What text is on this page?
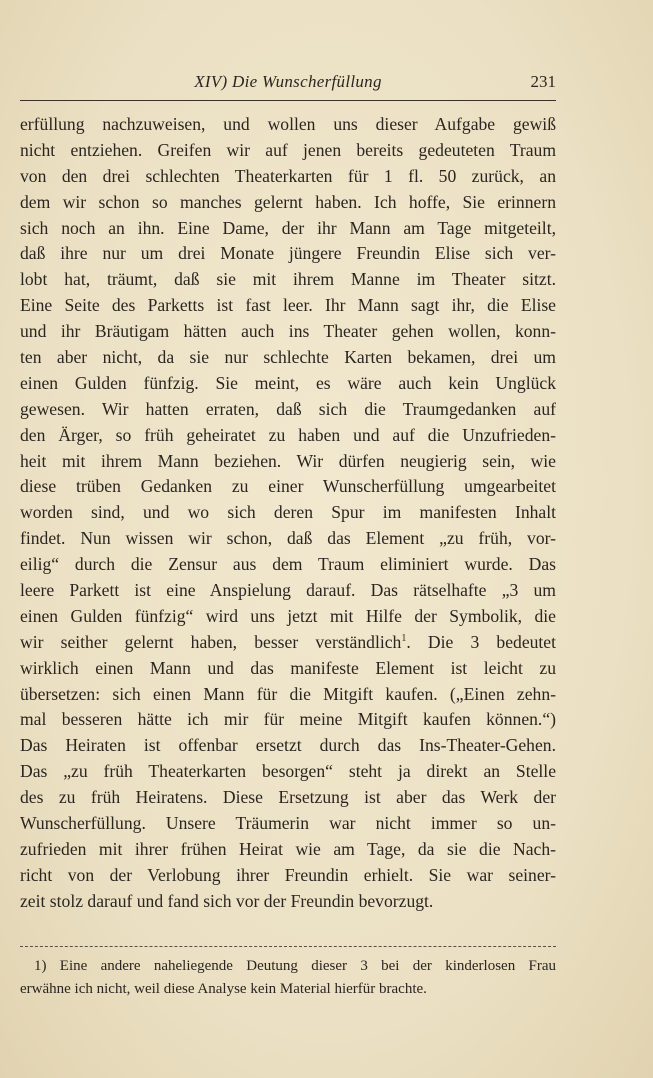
XIV) Die Wunscherfüllung	231
erfüllung nachzuweisen, und wollen uns dieser Aufgabe gewiß
nicht entziehen. Greifen wir auf jenen bereits gedeuteten Traum
von den drei schlechten Theaterkarten für 1 fl. 50 zurück, an
dem wir schon so manches gelernt haben. Ich hoffe, Sie erinnern
sich noch an ihn. Eine Dame, der ihr Mann am Tage mitgeteilt,
daß ihre nur um drei Monate jüngere Freundin Elise sich ver-
lobt hat, träumt, daß sie mit ihrem Manne im Theater sitzt.
Eine Seite des Parketts ist fast leer. Ihr Mann sagt ihr, die Elise
und ihr Bräutigam hätten auch ins Theater gehen wollen, konn-
ten aber nicht, da sie nur schlechte Karten bekamen, drei um
einen Gulden fünfzig. Sie meint, es wäre auch kein Unglück
gewesen. Wir hatten erraten, daß sich die Traumgedanken auf
den Ärger, so früh geheiratet zu haben und auf die Unzufrieden-
heit mit ihrem Mann beziehen. Wir dürfen neugierig sein, wie
diese trüben Gedanken zu einer Wunscherfüllung umgearbeitet
worden sind, und wo sich deren Spur im manifesten Inhalt
findet. Nun wissen wir schon, daß das Element „zu früh, vor-
eilig“ durch die Zensur aus dem Traum eliminiert wurde. Das
leere Parkett ist eine Anspielung darauf. Das rätselhafte „3 um
einen Gulden fünfzig“ wird uns jetzt mit Hilfe der Symbolik, die
wir seither gelernt haben, besser verständlich$^1$. Die 3 bedeutet
wirklich einen Mann und das manifeste Element ist leicht zu
übersetzen: sich einen Mann für die Mitgift kaufen. („Einen zehn-
mal besseren hätte ich mir für meine Mitgift kaufen können.“)
Das Heiraten ist offenbar ersetzt durch das Ins-Theater-Gehen.
Das „zu früh Theaterkarten besorgen“ steht ja direkt an Stelle
des zu früh Heiratens. Diese Ersetzung ist aber das Werk der
Wunscherfüllung. Unsere Träumerin war nicht immer so un-
zufrieden mit ihrer frühen Heirat wie am Tage, da sie die Nach-
richt von der Verlobung ihrer Freundin erhielt. Sie war seiner-
zeit stolz darauf und fand sich vor der Freundin bevorzugt.
1) Eine andere naheliegende Deutung dieser 3 bei der kinderlosen Frau
erwähne ich nicht, weil diese Analyse kein Material hierfür brachte.
